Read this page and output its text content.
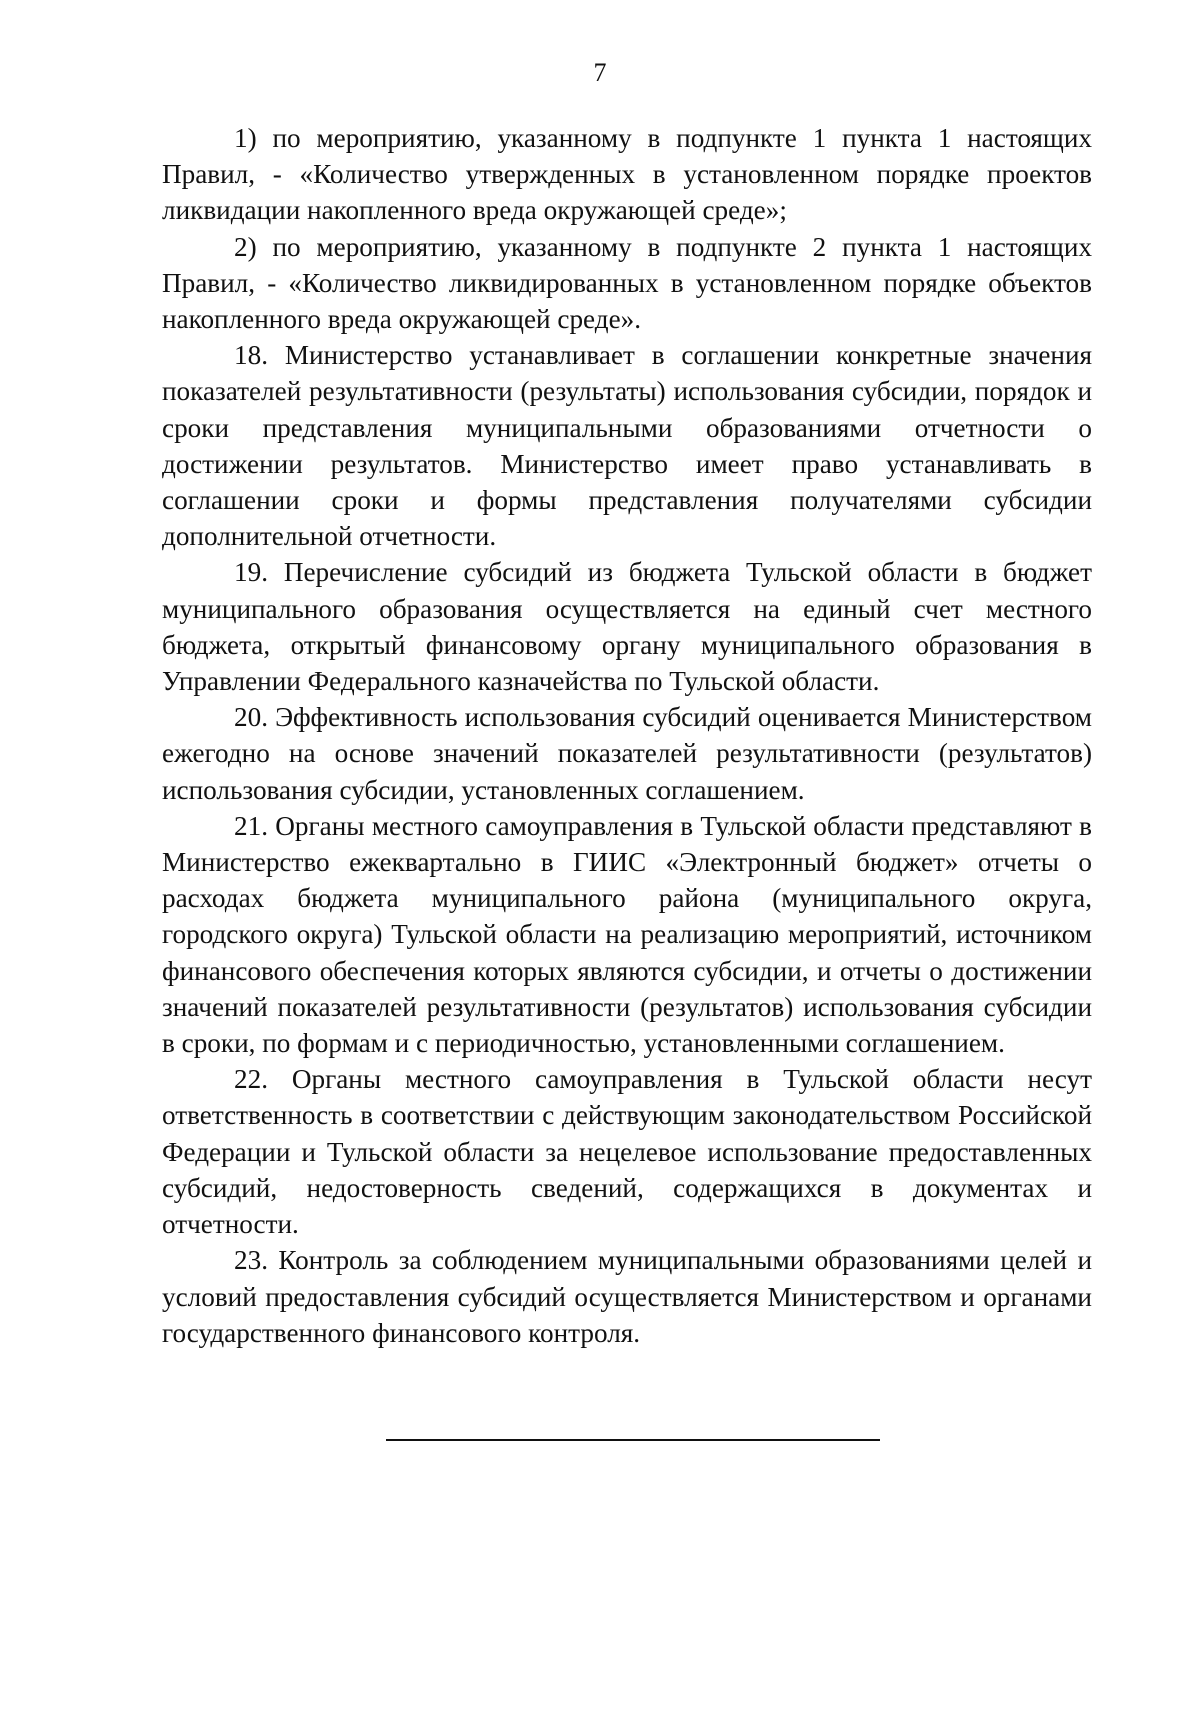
7

1) по мероприятию, указанному в подпункте 1 пункта 1 настоящих Правил, - «Количество утвержденных в установленном порядке проектов ликвидации накопленного вреда окружающей среде»;

2) по мероприятию, указанному в подпункте 2 пункта 1 настоящих Правил, - «Количество ликвидированных в установленном порядке объектов накопленного вреда окружающей среде».

18. Министерство устанавливает в соглашении конкретные значения показателей результативности (результаты) использования субсидии, порядок и сроки представления муниципальными образованиями отчетности о достижении результатов. Министерство имеет право устанавливать в соглашении сроки и формы представления получателями субсидии дополнительной отчетности.

19. Перечисление субсидий из бюджета Тульской области в бюджет муниципального образования осуществляется на единый счет местного бюджета, открытый финансовому органу муниципального образования в Управлении Федерального казначейства по Тульской области.

20. Эффективность использования субсидий оценивается Министерством ежегодно на основе значений показателей результативности (результатов) использования субсидии, установленных соглашением.

21. Органы местного самоуправления в Тульской области представляют в Министерство ежеквартально в ГИИС «Электронный бюджет» отчеты о расходах бюджета муниципального района (муниципального округа, городского округа) Тульской области на реализацию мероприятий, источником финансового обеспечения которых являются субсидии, и отчеты о достижении значений показателей результативности (результатов) использования субсидии в сроки, по формам и с периодичностью, установленными соглашением.

22. Органы местного самоуправления в Тульской области несут ответственность в соответствии с действующим законодательством Российской Федерации и Тульской области за нецелевое использование предоставленных субсидий, недостоверность сведений, содержащихся в документах и отчетности.

23. Контроль за соблюдением муниципальными образованиями целей и условий предоставления субсидий осуществляется Министерством и органами государственного финансового контроля.
